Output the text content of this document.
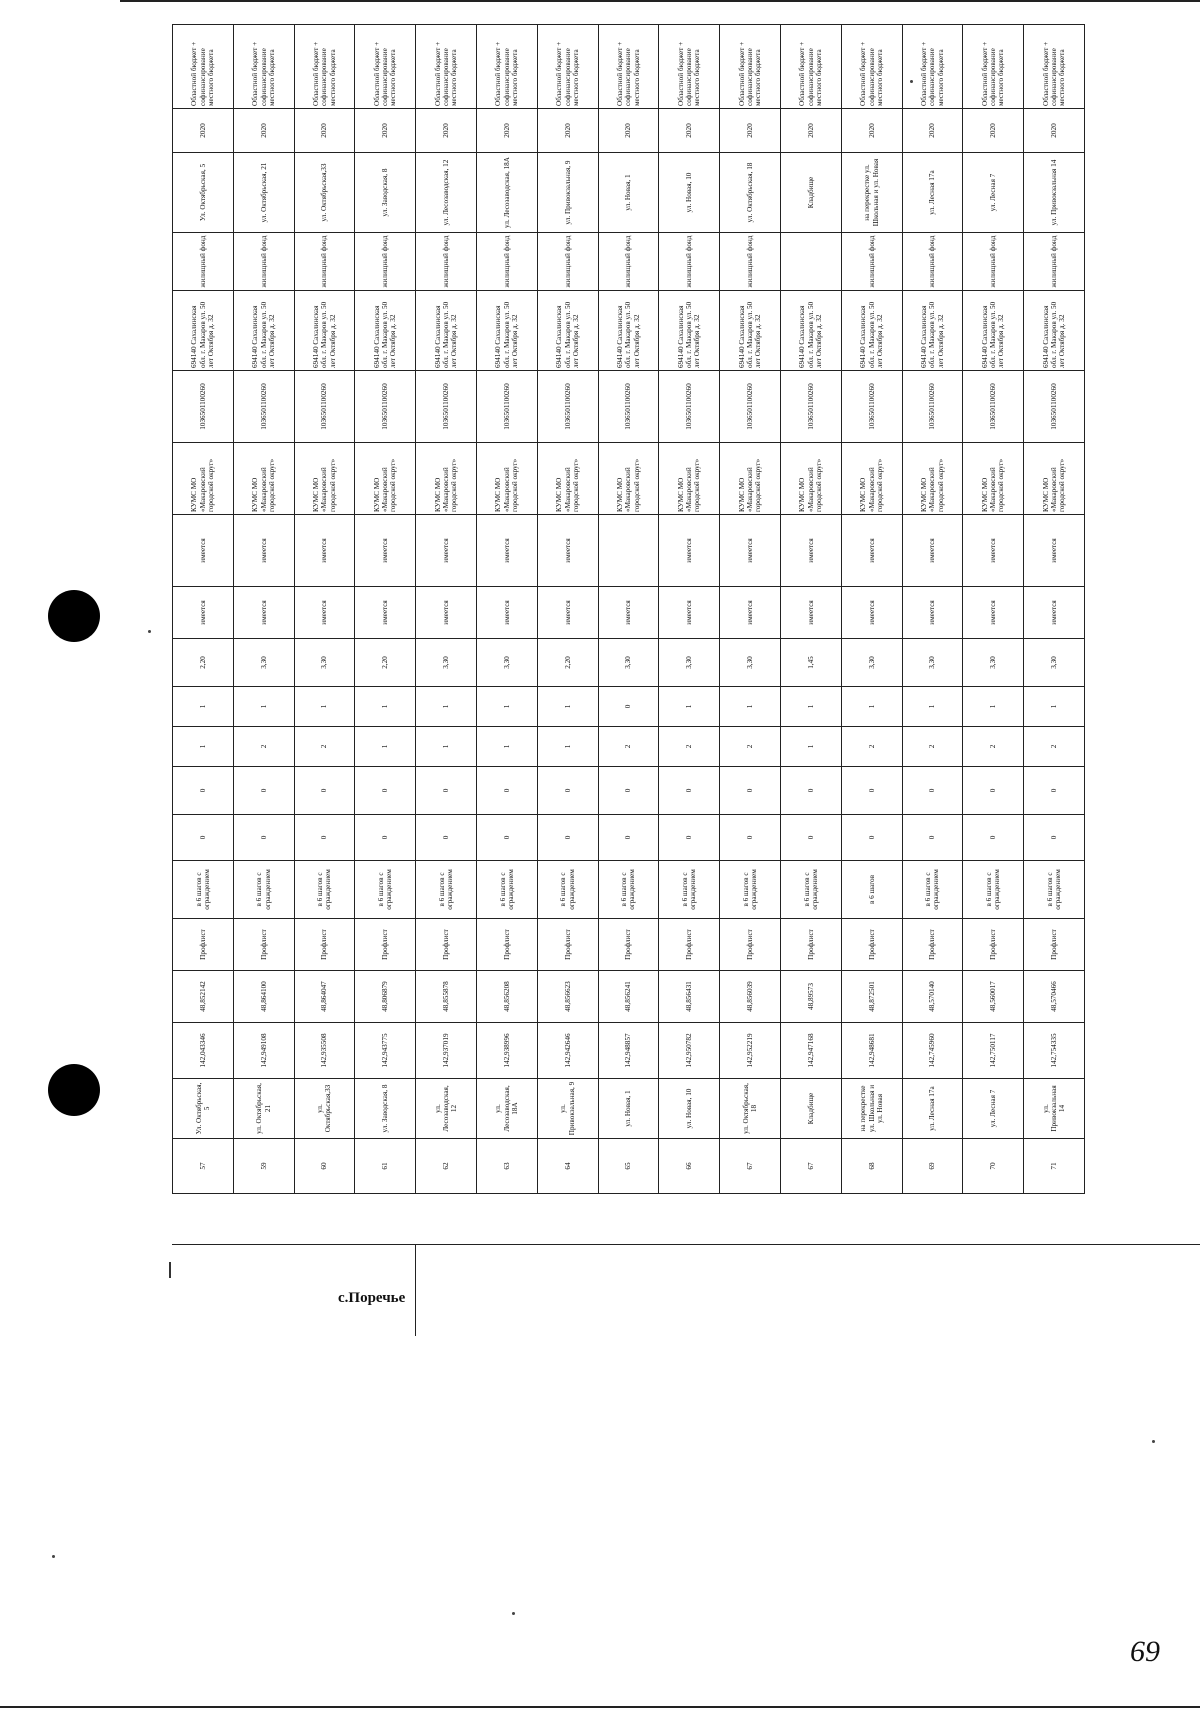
57	Ул. Октябрьская, 5	142,043346	48,852142	Профлист	в 6 шагов с ограждением	0	0	1	1	2,20	имеется	имеется	КУМС МО «Макаровский городской округ»	1036501100260	694140 Сахалинская обл. г. Макаров ул. 50 лет Октября д. 32	жилищный фонд	Ул. Октябрьская, 5	2020	Областной бюджет + софинансирование местного бюджета
59	ул. Октябрьская, 21	142,949108	48,864100	Профлист	в 6 шагов с ограждением	0	0	2	1	3,30	имеется	имеется	КУМС МО «Макаровский городской округ»	1036501100260	694140 Сахалинская обл. г. Макаров ул. 50 лет Октября д. 32	жилищный фонд	ул. Октябрьская, 21	2020	Областной бюджет + софинансирование местного бюджета
60	ул. Октябрьская,33	142,935508	48,864047	Профлист	в 6 шагов с ограждением	0	0	2	1	3,30	имеется	имеется	КУМС МО «Макаровский городской округ»	1036501100260	694140 Сахалинская обл. г. Макаров ул. 50 лет Октября д. 32	жилищный фонд	ул. Октябрьская,33	2020	Областной бюджет + софинансирование местного бюджета
61	ул. Заводская, 8	142,943775	48,806879	Профлист	в 6 шагов с ограждением	0	0	1	1	2,20	имеется	имеется	КУМС МО «Макаровский городской округ»	1036501100260	694140 Сахалинская обл. г. Макаров ул. 50 лет Октября д. 32	жилищный фонд	ул. Заводская, 8	2020	Областной бюджет + софинансирование местного бюджета
62	ул. Лесозаводская, 12	142,937019	48,855878	Профлист	в 6 шагов с ограждением	0	0	1	1	3,30	имеется	имеется	КУМС МО «Макаровский городской округ»	1036501100260	694140 Сахалинская обл. г. Макаров ул. 50 лет Октября д. 32	жилищный фонд	ул. Лесозаводская, 12	2020	Областной бюджет + софинансирование местного бюджета
63	ул. Лесозаводская, 18А	142,938996	48,856208	Профлист	в 6 шагов с ограждением	0	0	1	1	3,30	имеется	имеется	КУМС МО «Макаровский городской округ»	1036501100260	694140 Сахалинская обл. г. Макаров ул. 50 лет Октября д. 32	жилищный фонд	ул. Лесозаводская, 18А	2020	Областной бюджет + софинансирование местного бюджета
64	ул. Привокзальная, 9	142,942646	48,856623	Профлист	в 6 шагов с ограждением	0	0	1	1	2,20	имеется	имеется	КУМС МО «Макаровский городской округ»	1036501100260	694140 Сахалинская обл. г. Макаров ул. 50 лет Октября д. 32	жилищный фонд	ул. Привокзальная, 9	2020	Областной бюджет + софинансирование местного бюджета
65	ул. Новая, 1	142,948857	48,856241	Профлист	в 6 шагов с ограждением	0	0	2	0	3,30	имеется		КУМС МО «Макаровский городской округ»	1036501100260	694140 Сахалинская обл. г. Макаров ул. 50 лет Октября д. 32	жилищный фонд	ул. Новая, 1	2020	Областной бюджет + софинансирование местного бюджета
66	ул. Новая, 10	142,950782	48,856431	Профлист	в 6 шагов с ограждением	0	0	2	1	3,30	имеется	имеется	КУМС МО «Макаровский городской округ»	1036501100260	694140 Сахалинская обл. г. Макаров ул. 50 лет Октября д. 32	жилищный фонд	ул. Новая, 10	2020	Областной бюджет + софинансирование местного бюджета
67	ул. Октябрьская, 18	142,952219	48,856039	Профлист	в 6 шагов с ограждением	0	0	2	1	3,30	имеется	имеется	КУМС МО «Макаровский городской округ»	1036501100260	694140 Сахалинская обл. г. Макаров ул. 50 лет Октября д. 32	жилищный фонд	ул. Октябрьская, 18	2020	Областной бюджет + софинансирование местного бюджета
67	Кладбище	142,947168	48,89573	Профлист	в 6 шагов с ограждением	0	0	1	1	1,45	имеется	имеется	КУМС МО «Макаровский городской округ»	1036501100260	694140 Сахалинская обл. г. Макаров ул. 50 лет Октября д. 32		Кладбище	2020	Областной бюджет + софинансирование местного бюджета
68	на перекрестке ул. Школьная и ул. Новая	142,948681	48,872501	Профлист	в 6 шагов	0	0	2	1	3,30	имеется	имеется	КУМС МО «Макаровский городской округ»	1036501100260	694140 Сахалинская обл. г. Макаров ул. 50 лет Октября д. 32	жилищный фонд	на перекрестке ул. Школьная и ул. Новая	2020	Областной бюджет + софинансирование местного бюджета
69	ул. Лесная 17а	142,745960	48,570140	Профлист	в 6 шагов с ограждением	0	0	2	1	3,30	имеется	имеется	КУМС МО «Макаровский городской округ»	1036501100260	694140 Сахалинская обл. г. Макаров ул. 50 лет Октября д. 32	жилищный фонд	ул. Лесная 17а	2020	Областной бюджет + софинансирование местного бюджета
70	ул. Лесная 7	142,750117	48,560017	Профлист	в 6 шагов с ограждением	0	0	2	1	3,30	имеется	имеется	КУМС МО «Макаровский городской округ»	1036501100260	694140 Сахалинская обл. г. Макаров ул. 50 лет Октября д. 32	жилищный фонд	ул. Лесная 7	2020	Областной бюджет + софинансирование местного бюджета
71	ул. Привокзальная 14	142,754335	48,570466	Профлист	в 6 шагов с ограждением	0	0	2	1	3,30	имеется	имеется	КУМС МО «Макаровский городской округ»	1036501100260	694140 Сахалинская обл. г. Макаров ул. 50 лет Октября д. 32	жилищный фонд	ул. Привокзальная 14	2020	Областной бюджет + софинансирование местного бюджета
с.Поречье
69
